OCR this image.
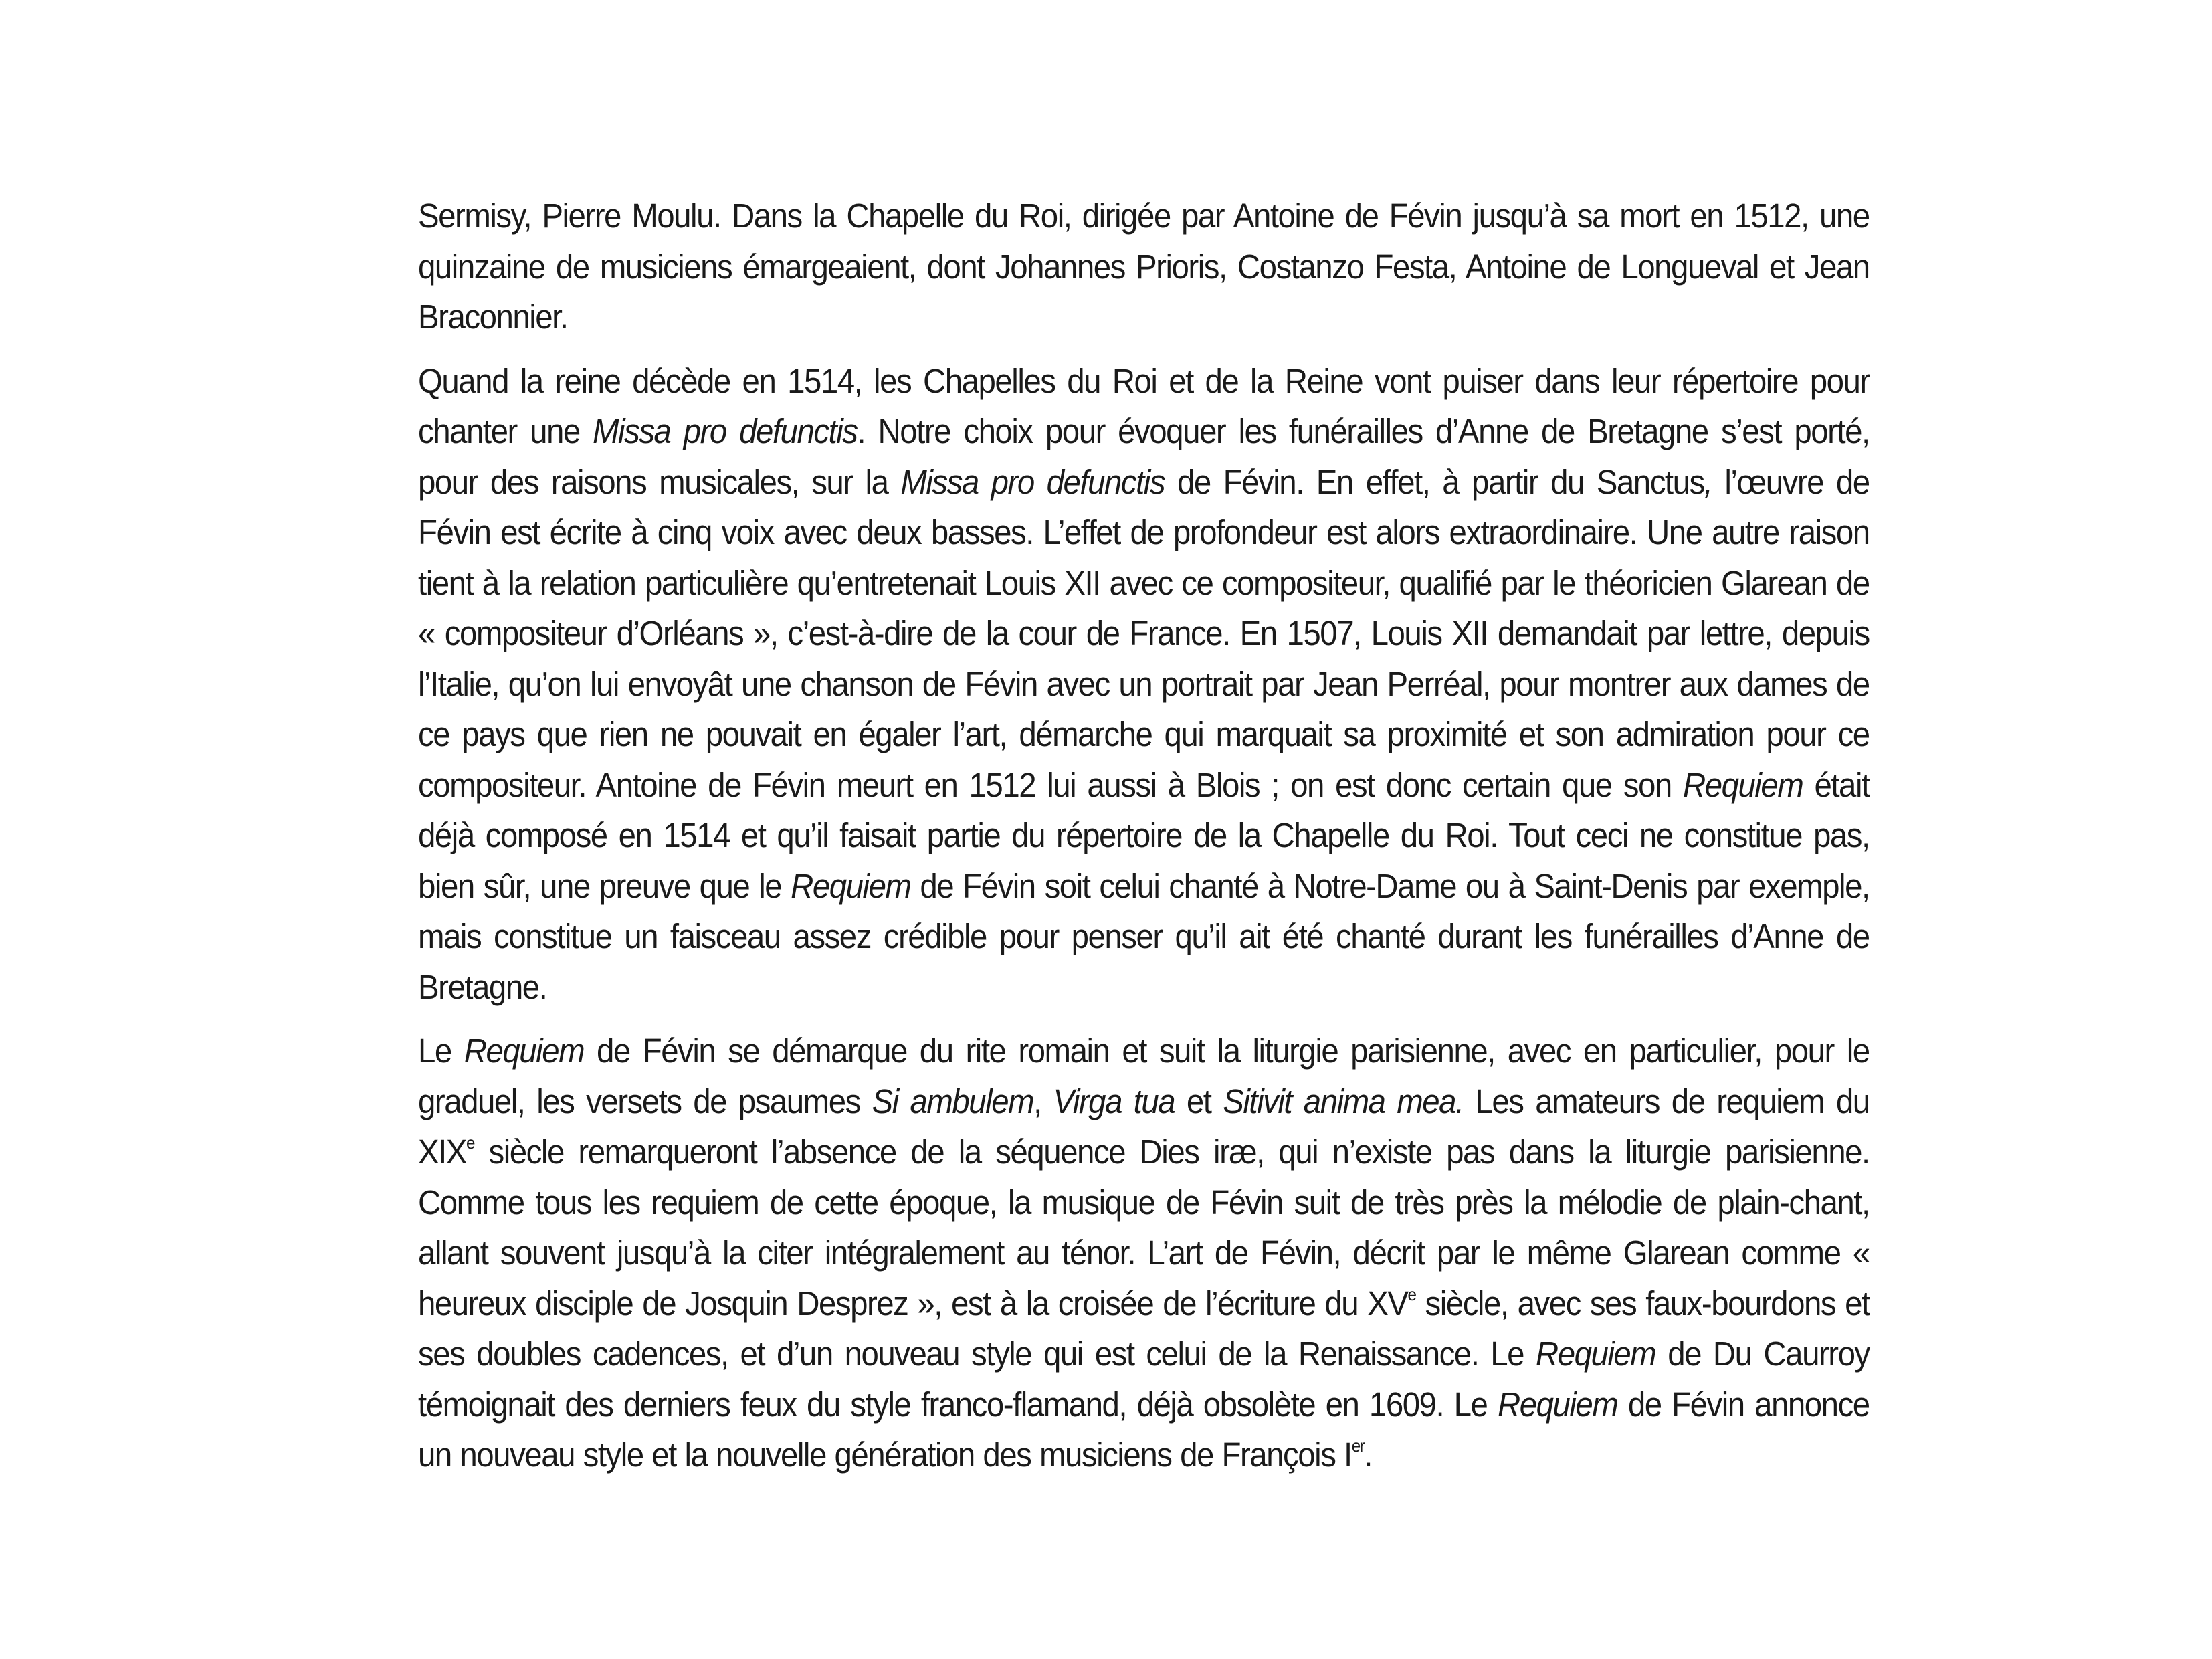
Sermisy, Pierre Moulu. Dans la Chapelle du Roi, dirigée par Antoine de Févin jusqu’à sa mort en 1512, une quinzaine de musiciens émargeaient, dont Johannes Prioris, Costanzo Festa, Antoine de Longueval et Jean Braconnier.

Quand la reine décède en 1514, les Chapelles du Roi et de la Reine vont puiser dans leur répertoire pour chanter une Missa pro defunctis. Notre choix pour évoquer les funérailles d’Anne de Bretagne s’est porté, pour des raisons musicales, sur la Missa pro defunctis de Févin. En effet, à partir du Sanctus, l’œuvre de Févin est écrite à cinq voix avec deux basses. L’effet de profondeur est alors extraordinaire. Une autre raison tient à la relation particulière qu’entretenait Louis XII avec ce compositeur, qualifié par le théoricien Glarean de « compositeur d’Orléans », c’est-à-dire de la cour de France. En 1507, Louis XII demandait par lettre, depuis l’Italie, qu’on lui envoyât une chanson de Févin avec un portrait par Jean Perréal, pour montrer aux dames de ce pays que rien ne pouvait en égaler l’art, démarche qui marquait sa proximité et son admiration pour ce compositeur. Antoine de Févin meurt en 1512 lui aussi à Blois ; on est donc certain que son Requiem était déjà composé en 1514 et qu’il faisait partie du répertoire de la Chapelle du Roi. Tout ceci ne constitue pas, bien sûr, une preuve que le Requiem de Févin soit celui chanté à Notre-Dame ou à Saint-Denis par exemple, mais constitue un faisceau assez crédible pour penser qu’il ait été chanté durant les funérailles d’Anne de Bretagne.

Le Requiem de Févin se démarque du rite romain et suit la liturgie parisienne, avec en particulier, pour le graduel, les versets de psaumes Si ambulem, Virga tua et Sitivit anima mea. Les amateurs de requiem du XIXe siècle remarqueront l’absence de la séquence Dies iræ, qui n’existe pas dans la liturgie parisienne. Comme tous les requiem de cette époque, la musique de Févin suit de très près la mélodie de plain-chant, allant souvent jusqu’à la citer intégralement au ténor. L’art de Févin, décrit par le même Glarean comme « heureux disciple de Josquin Desprez », est à la croisée de l’écriture du XVe siècle, avec ses faux-bourdons et ses doubles cadences, et d’un nouveau style qui est celui de la Renaissance. Le Requiem de Du Caurroy témoignait des derniers feux du style franco-flamand, déjà obsolète en 1609. Le Requiem de Févin annonce un nouveau style et la nouvelle génération des musiciens de François Ier.
